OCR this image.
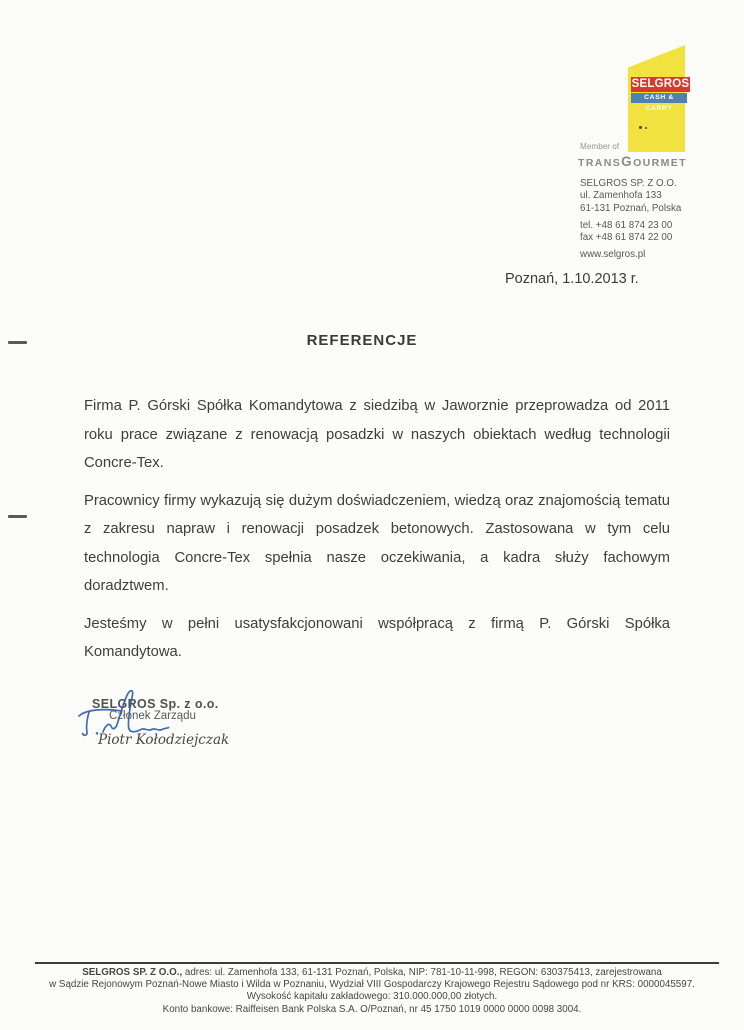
SELGROS
CASH & CARRY
Member of
TRANSGOURMET
SELGROS SP. Z O.O.
ul. Zamenhofa 133
61-131 Poznań, Polska
tel. +48 61 874 23 00
fax +48 61 874 22 00
www.selgros.pl
Poznań, 1.10.2013 r.
REFERENCJE

Firma P. Górski Spółka Komandytowa z siedzibą w Jaworznie przeprowadza od 2011 roku prace związane z renowacją posadzki w naszych obiektach według technologii Concre-Tex.

Pracownicy firmy wykazują się dużym doświadczeniem, wiedzą oraz znajomością tematu z zakresu napraw i renowacji posadzek betonowych. Zastosowana w tym celu technologia Concre-Tex spełnia nasze oczekiwania, a kadra służy fachowym doradztwem.

Jesteśmy w pełni usatysfakcjonowani współpracą z firmą P. Górski Spółka Komandytowa.

SELGROS Sp. z o.o.
Członek Zarządu
Piotr Kołodziejczak
SELGROS SP. Z O.O., adres: ul. Zamenhofa 133, 61-131 Poznań, Polska, NIP: 781-10-11-998, REGON: 630375413, zarejestrowana
w Sądzie Rejonowym Poznań-Nowe Miasto i Wilda w Poznaniu, Wydział VIII Gospodarczy Krajowego Rejestru Sądowego pod nr KRS: 0000045597.
Wysokość kapitału zakładowego: 310.000.000,00 złotych.
Konto bankowe: Raiffeisen Bank Polska S.A. O/Poznań, nr 45 1750 1019 0000 0000 0098 3004.
